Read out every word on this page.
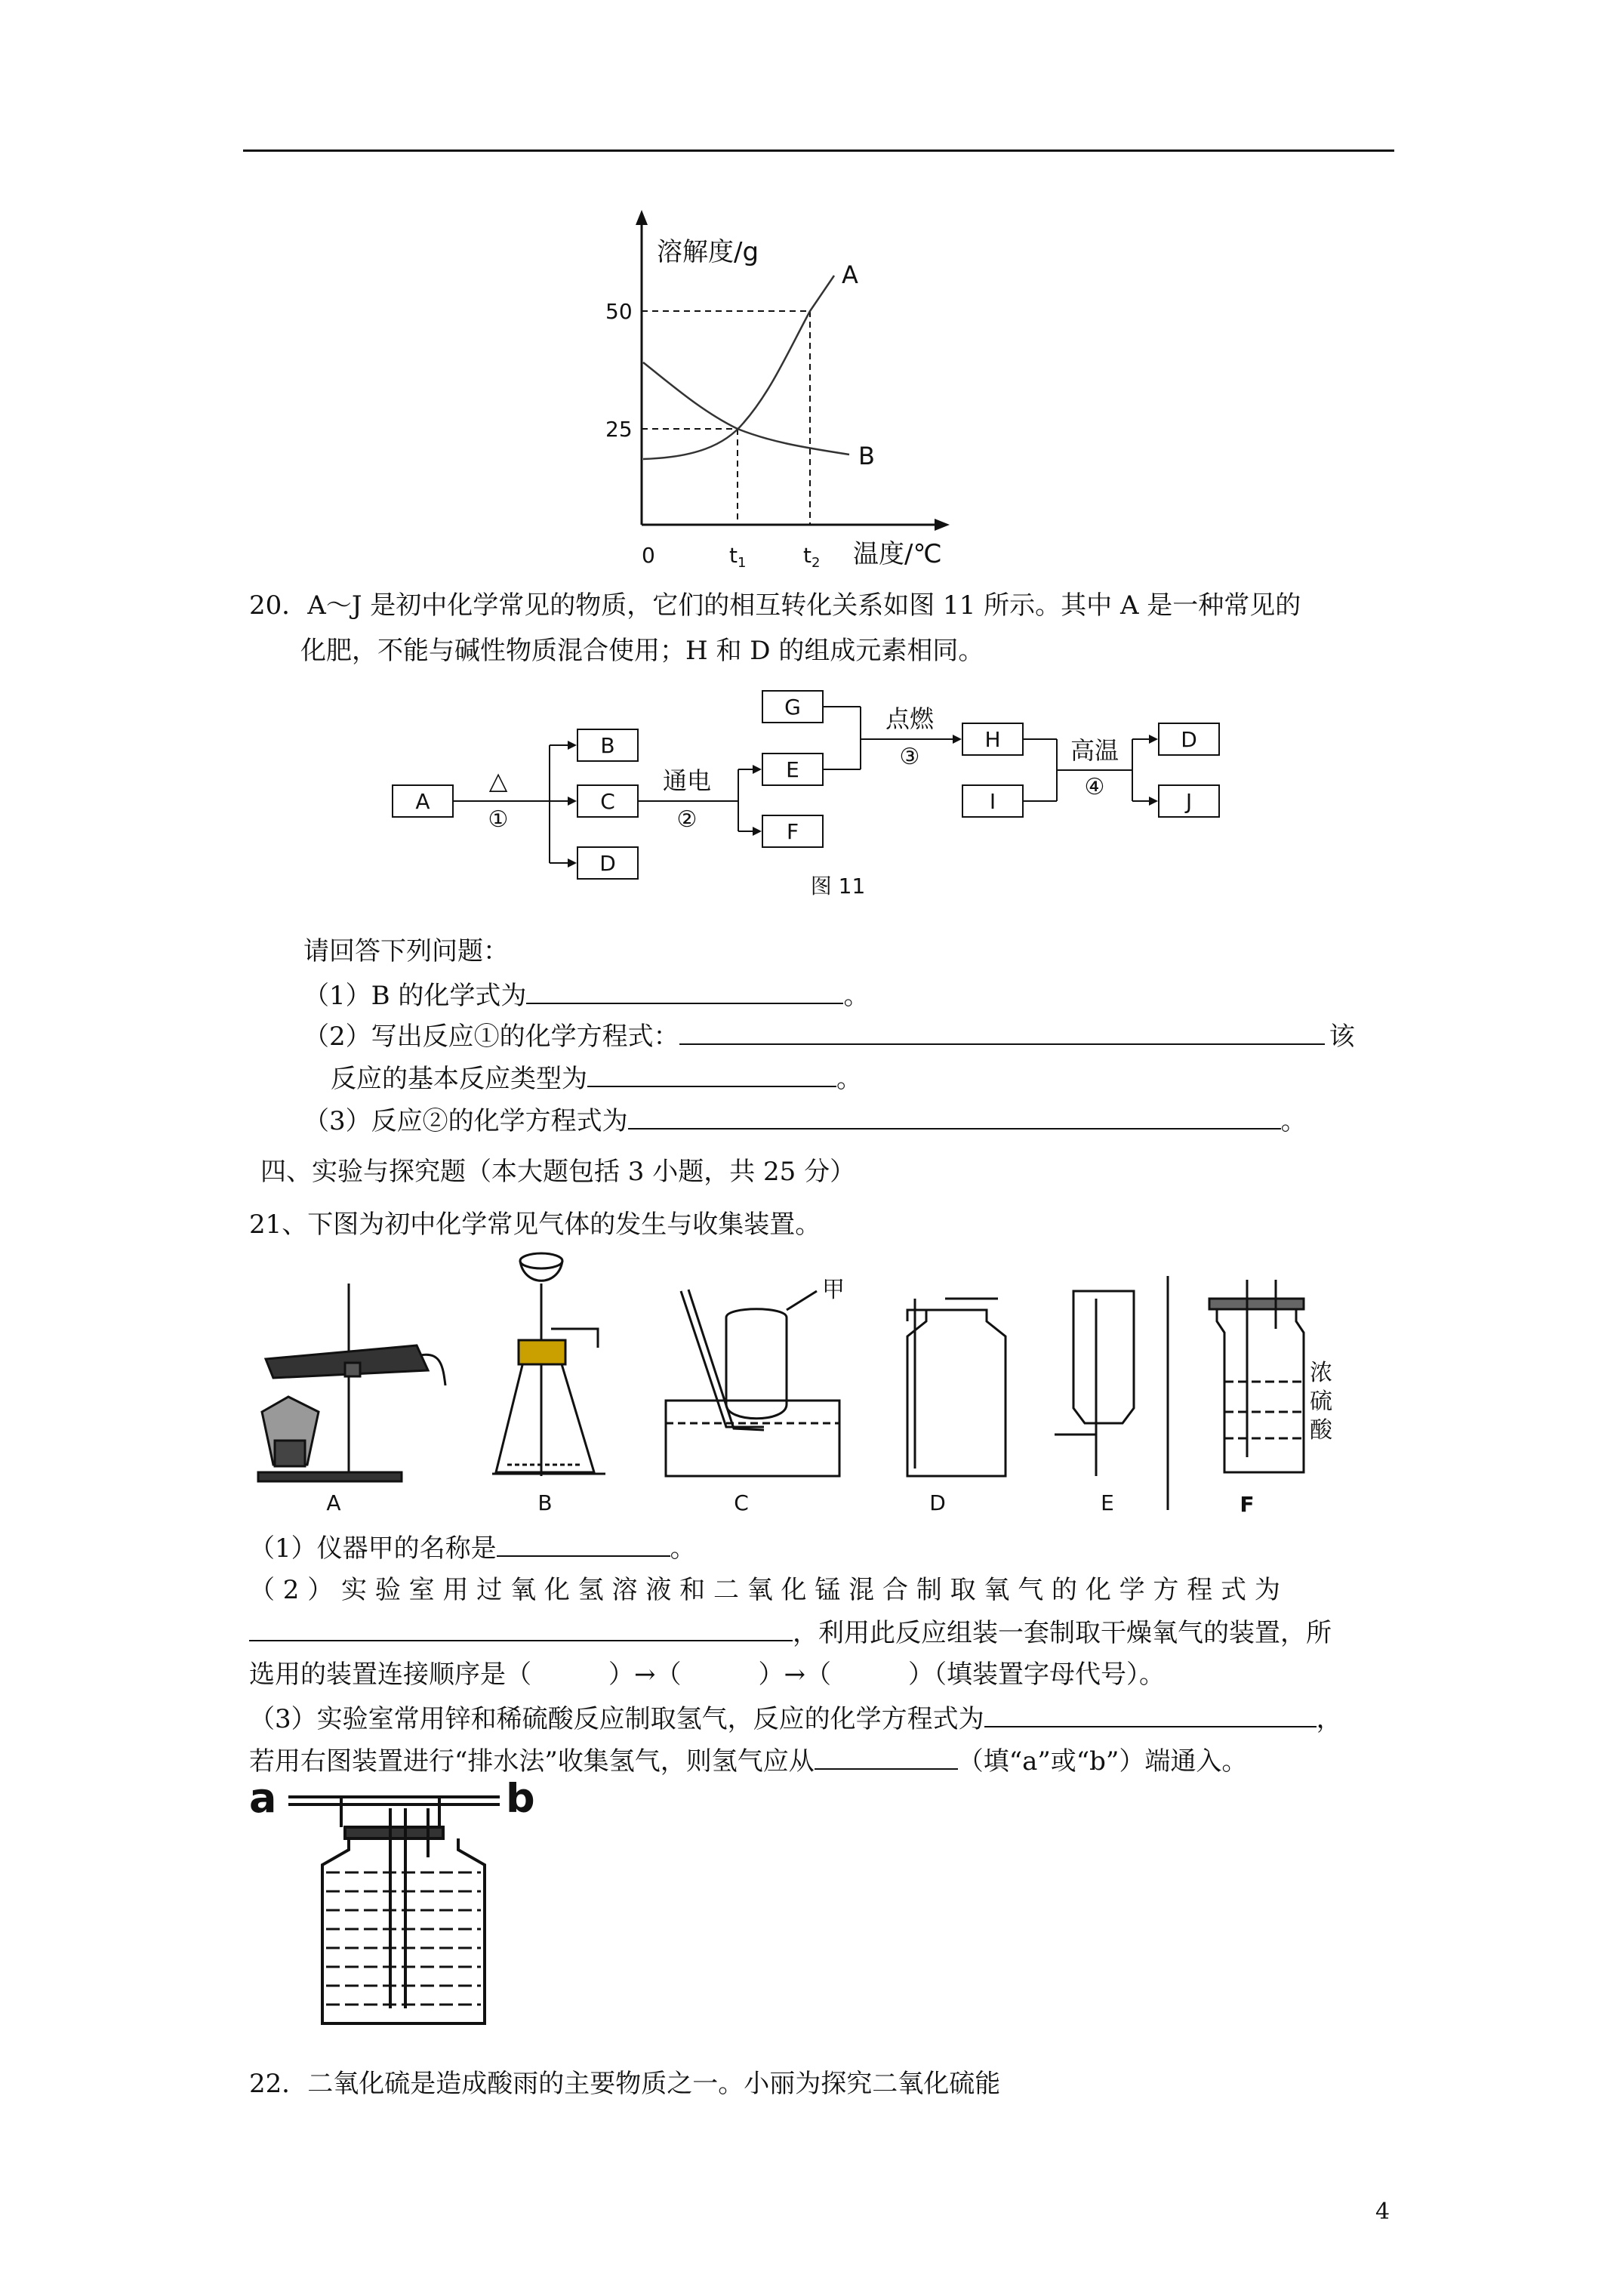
溶解度/g
50
25
0
A
B
$t_1$	$t_2$ 温度/℃
20．A～J 是初中化学常见的物质，它们的相互转化关系如图 11 所示。其中 A 是一种常见的
化肥，不能与碱性物质混合使用；H 和 D 的组成元素相同。
A
B
C
D
G
E
F
H
I
D
J
△
①
通电
②
点燃
③	高温
④
图 11
请回答下列问题：
（1）B 的化学式为	。
（2）写出反应①的化学方程式：	该
反应的基本反应类型为	。
（3）反应②的化学方程式为	。
四、实验与探究题（本大题包括 3 小题，共 25 分）
21、下图为初中化学常见气体的发生与收集装置。
A	B	C	D	E	F
甲
浓
硫
酸
（1）仪器甲的名称是	。
（ 2 ） 实 验 室 用 过 氧 化 氢 溶 液 和 二 氧 化 锰 混 合 制 取 氧 气 的 化 学 方 程 式 为
，利用此反应组装一套制取干燥氧气的装置，所
选用的装置连接顺序是（　　　）→（　　　）→（　　　）（填装置字母代号）。
（3）实验室常用锌和稀硫酸反应制取氢气，反应的化学方程式为	，
若用右图装置进行“排水法”收集氢气，则氢气应从	（填“a”或“b”）端通入。
a	b
22．二氧化硫是造成酸雨的主要物质之一。小丽为探究二氧化硫能
4
